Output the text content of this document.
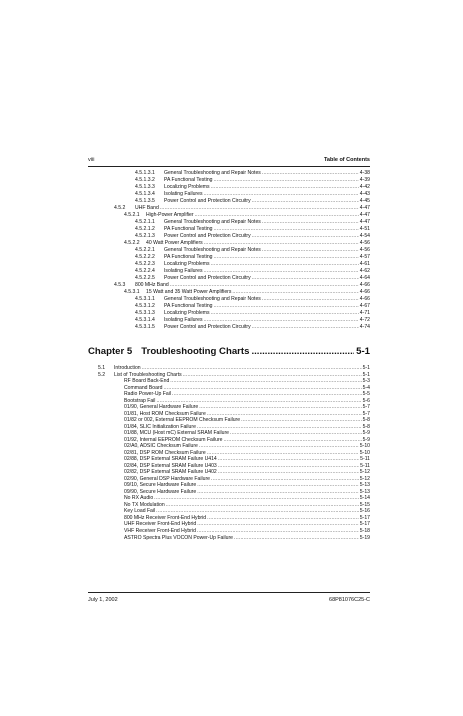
viii	Table of Contents
4.5.1.3.1	General Troubleshooting and Repair Notes .....	4-38
4.5.1.3.2	PA Functional Testing .....	4-39
4.5.1.3.3	Localizing Problems .....	4-42
4.5.1.3.4	Isolating Failures .....	4-43
4.5.1.3.5	Power Control and Protection Circuitry .....	4-45
4.5.2	UHF Band .....	4-47
4.5.2.1	High-Power Amplifier .....	4-47
4.5.2.1.1	General Troubleshooting and Repair Notes .....	4-47
4.5.2.1.2	PA Functional Testing .....	4-51
4.5.2.1.3	Power Control and Protection Circuitry .....	4-54
4.5.2.2	40 Watt Power Amplifiers .....	4-56
4.5.2.2.1	General Troubleshooting and Repair Notes .....	4-56
4.5.2.2.2	PA Functional Testing .....	4-57
4.5.2.2.3	Localizing Problems .....	4-61
4.5.2.2.4	Isolating Failures .....	4-62
4.5.2.2.5	Power Control and Protection Circuitry .....	4-64
4.5.3	800 MHz Band .....	4-66
4.5.3.1	15 Watt and 35 Watt Power Amplifiers .....	4-66
4.5.3.1.1	General Troubleshooting and Repair Notes .....	4-66
4.5.3.1.2	PA Functional Testing .....	4-67
4.5.3.1.3	Localizing Problems .....	4-71
4.5.3.1.4	Isolating Failures .....	4-72
4.5.3.1.5	Power Control and Protection Circuitry .....	4-74
Chapter 5 Troubleshooting Charts .....	5-1
5.1	Introduction .....	5-1
5.2	List of Troubleshooting Charts .....	5-1
RF Board Back-End .....	5-3
Command Board .....	5-4
Radio Power-Up Fail .....	5-5
Bootstrap Fail .....	5-6
01/90, General Hardware Failure .....	5-7
01/81, Host ROM Checksum Failure .....	5-7
01/82 or 002, External EEPROM Checksum Failure .....	5-8
01/84, SLIC Initialization Failure .....	5-8
01/88, MCU (Host mC) External SRAM Failure .....	5-9
01/92, Internal EEPROM Checksum Failure .....	5-9
02/A0, ADSIC Checksum Failure .....	5-10
02/81, DSP ROM Checksum Failure .....	5-10
02/88, DSP External SRAM Failure U414 .....	5-11
02/84, DSP External SRAM Failure U403 .....	5-11
02/82, DSP External SRAM Failure U402 .....	5-12
02/90, General DSP Hardware Failure .....	5-12
09/10, Secure Hardware Failure .....	5-13
09/90, Secure Hardware Failure .....	5-13
No RX Audio .....	5-14
No TX Modulation .....	5-15
Key Load Fail .....	5-16
800 MHz Receiver Front-End Hybrid .....	5-17
UHF Receiver Front-End Hybrid .....	5-17
VHF Receiver Front-End Hybrid .....	5-18
ASTRO Spectra Plus VOCON Power-Up Failure .....	5-19
July 1, 2002	68P81076C25-C
